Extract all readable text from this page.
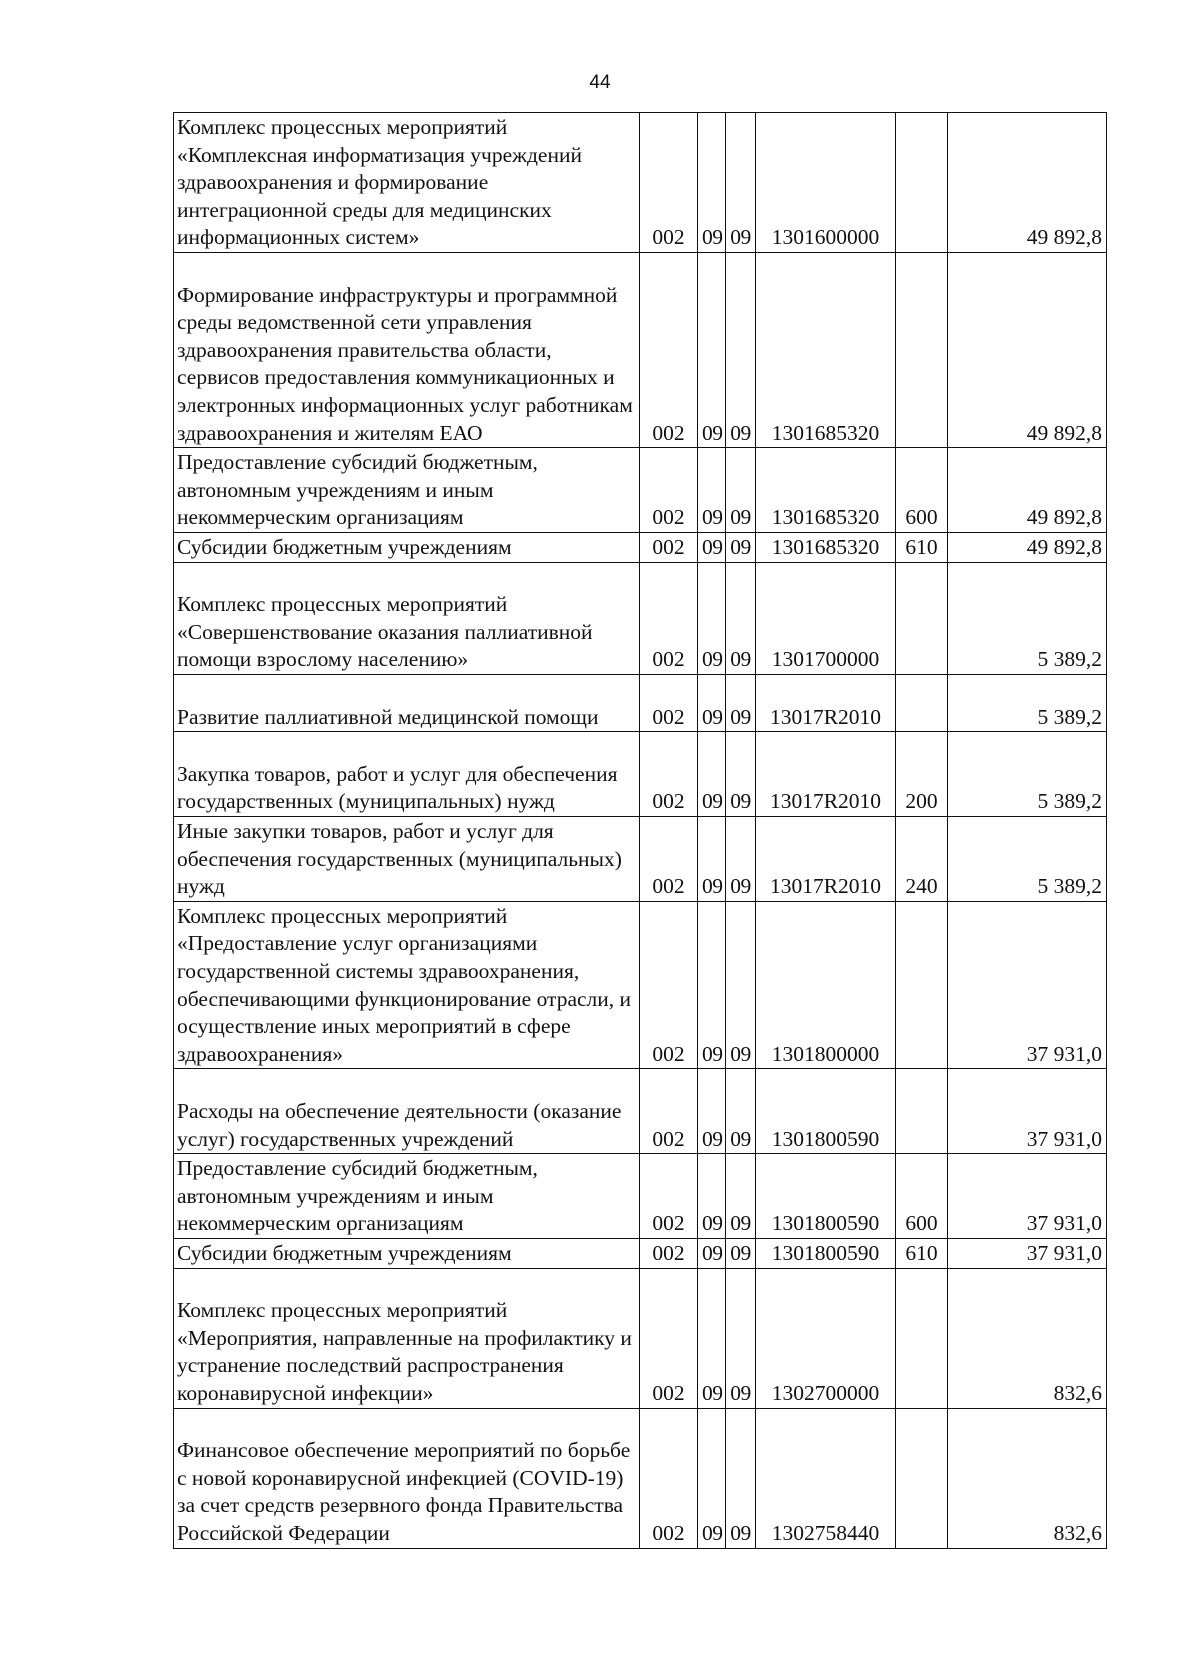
44
Комплекс процессных мероприятий «Комплексная информатизация учреждений здравоохранения и формирование интеграционной среды для медицинских информационных систем»	002	09	09	1301600000		49 892,8
Формирование инфраструктуры и программной среды ведомственной сети управления здравоохранения правительства области, сервисов предоставления коммуникационных и электронных информационных услуг работникам здравоохранения и жителям ЕАО	002	09	09	1301685320		49 892,8
Предоставление субсидий бюджетным, автономным учреждениям и иным некоммерческим организациям	002	09	09	1301685320	600	49 892,8
Субсидии бюджетным учреждениям	002	09	09	1301685320	610	49 892,8
Комплекс процессных мероприятий «Совершенствование оказания паллиативной помощи взрослому населению»	002	09	09	1301700000		5 389,2
Развитие паллиативной медицинской помощи	002	09	09	13017R2010		5 389,2
Закупка товаров, работ и услуг для обеспечения государственных (муниципальных) нужд	002	09	09	13017R2010	200	5 389,2
Иные закупки товаров, работ и услуг для обеспечения государственных (муниципальных) нужд	002	09	09	13017R2010	240	5 389,2
Комплекс процессных мероприятий «Предоставление услуг организациями государственной системы здравоохранения, обеспечивающими функционирование отрасли, и осуществление иных мероприятий в сфере здравоохранения»	002	09	09	1301800000		37 931,0
Расходы на обеспечение деятельности (оказание услуг) государственных учреждений	002	09	09	1301800590		37 931,0
Предоставление субсидий бюджетным, автономным учреждениям и иным некоммерческим организациям	002	09	09	1301800590	600	37 931,0
Субсидии бюджетным учреждениям	002	09	09	1301800590	610	37 931,0
Комплекс процессных мероприятий «Мероприятия, направленные на профилактику и устранение последствий распространения коронавирусной инфекции»	002	09	09	1302700000		832,6
Финансовое обеспечение мероприятий по борьбе с новой коронавирусной инфекцией (COVID-19) за счет средств резервного фонда Правительства Российской Федерации	002	09	09	1302758440		832,6
